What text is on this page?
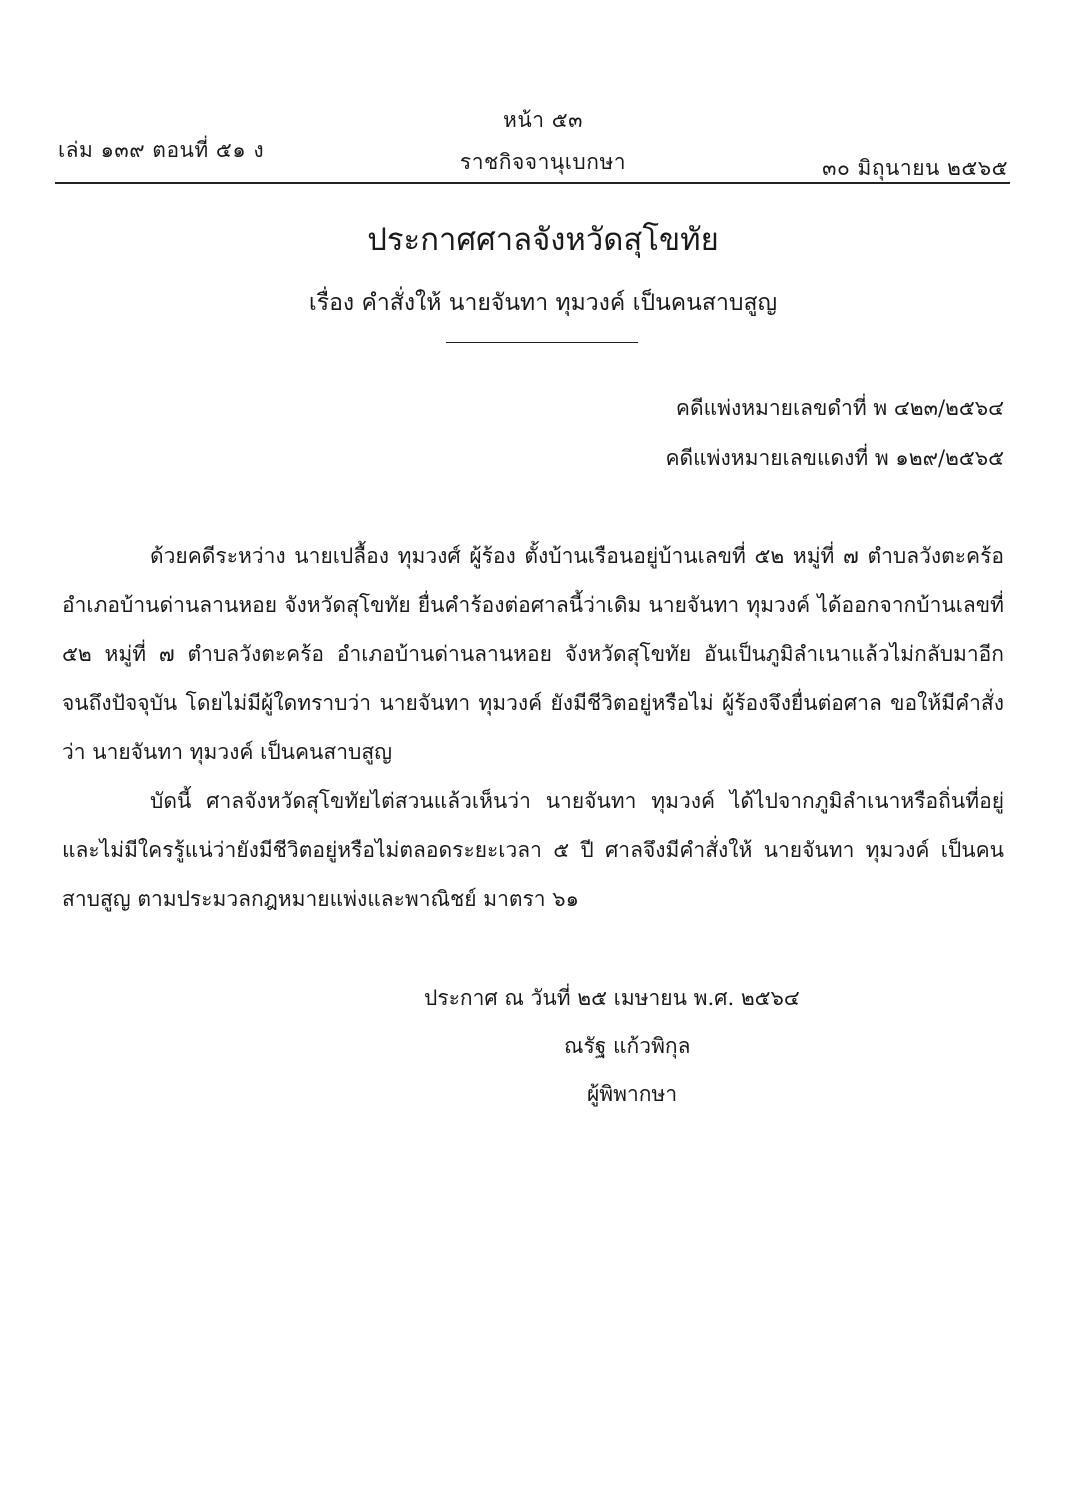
เล่ม ๑๓๙ ตอนที่ ๕๑ ง
หน้า ๕๓
ราชกิจจานุเบกษา	๓๐ มิถุนายน ๒๕๖๕
ประกาศศาลจังหวัดสุโขทัย
เรื่อง คำสั่งให้ นายจันทา ทุมวงค์ เป็นคนสาบสูญ
คดีแพ่งหมายเลขดำที่ พ ๔๒๓/๒๕๖๔
คดีแพ่งหมายเลขแดงที่ พ ๑๒๙/๒๕๖๕

ด้วยคดีระหว่าง นายเปลื้อง ทุมวงศ์ ผู้ร้อง ตั้งบ้านเรือนอยู่บ้านเลขที่ ๕๒ หมู่ที่ ๗ ตำบลวังตะคร้อ อำเภอบ้านด่านลานหอย จังหวัดสุโขทัย ยื่นคำร้องต่อศาลนี้ว่าเดิม นายจันทา ทุมวงค์ ได้ออกจากบ้านเลขที่ ๕๒ หมู่ที่ ๗ ตำบลวังตะคร้อ อำเภอบ้านด่านลานหอย จังหวัดสุโขทัย อันเป็นภูมิลำเนาแล้วไม่กลับมาอีกจนถึงปัจจุบัน โดยไม่มีผู้ใดทราบว่า นายจันทา ทุมวงค์ ยังมีชีวิตอยู่หรือไม่ ผู้ร้องจึงยื่นต่อศาล ขอให้มีคำสั่งว่า นายจันทา ทุมวงค์ เป็นคนสาบสูญ

บัดนี้ ศาลจังหวัดสุโขทัยไต่สวนแล้วเห็นว่า นายจันทา ทุมวงค์ ได้ไปจากภูมิลำเนาหรือถิ่นที่อยู่ และไม่มีใครรู้แน่ว่ายังมีชีวิตอยู่หรือไม่ตลอดระยะเวลา ๕ ปี ศาลจึงมีคำสั่งให้ นายจันทา ทุมวงค์ เป็นคนสาบสูญ ตามประมวลกฎหมายแพ่งและพาณิชย์ มาตรา ๖๑

ประกาศ ณ วันที่ ๒๕ เมษายน พ.ศ. ๒๕๖๔
ณรัฐ แก้วพิกุล
ผู้พิพากษา
